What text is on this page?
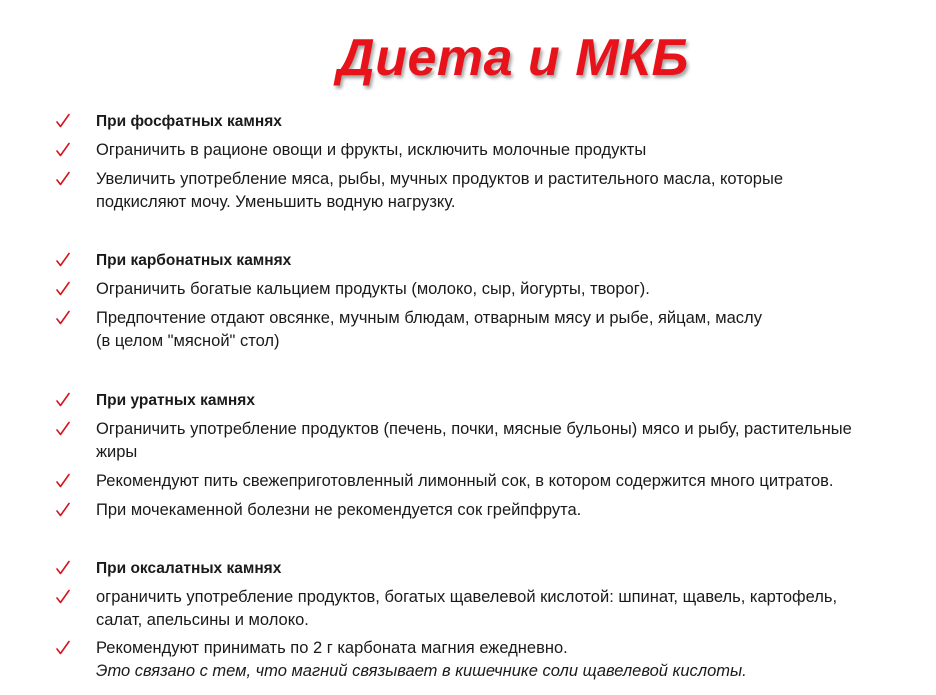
Диета и МКБ
При фосфатных камнях
Ограничить в рационе овощи и фрукты, исключить молочные продукты
Увеличить употребление мяса, рыбы, мучных продуктов и растительного масла, которые
подкисляют мочу. Уменьшить водную нагрузку.
При карбонатных камнях
Ограничить богатые кальцием продукты (молоко, сыр, йогурты, творог).
Предпочтение отдают овсянке, мучным блюдам, отварным мясу и рыбе, яйцам, маслу
(в целом "мясной" стол)
При уратных камнях
Ограничить употребление продуктов (печень, почки, мясные бульоны) мясо и рыбу, растительные
жиры
Рекомендуют пить свежеприготовленный лимонный сок, в котором содержится много цитратов.
При мочекаменной болезни не рекомендуется сок грейпфрута.
При оксалатных камнях
ограничить употребление продуктов, богатых щавелевой кислотой: шпинат, щавель, картофель,
салат, апельсины и молоко.
Рекомендуют принимать по 2 г карбоната магния ежедневно.
Это связано с тем, что магний связывает в кишечнике соли щавелевой кислоты.
